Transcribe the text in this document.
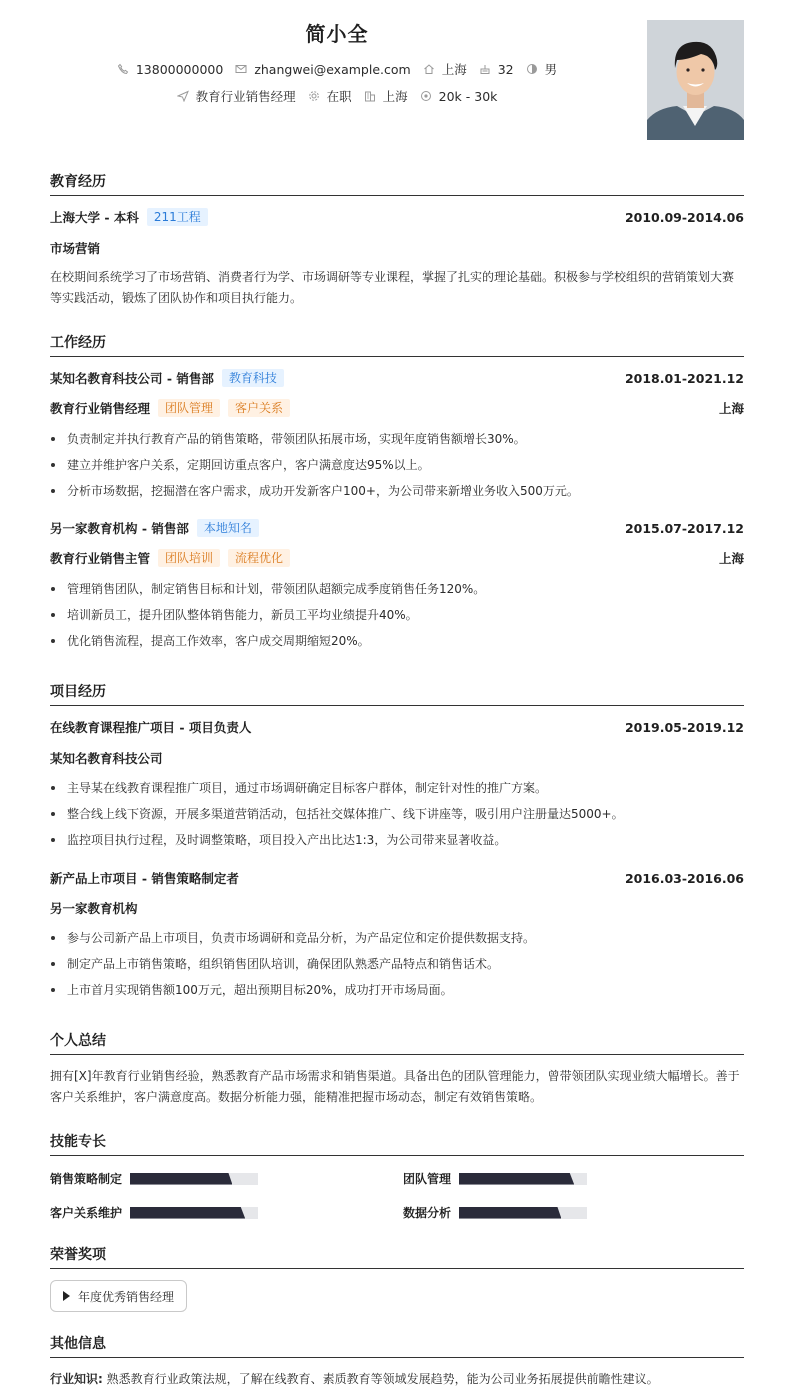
简小全
13800000000 zhangwei@example.com 上海 32 男
教育行业销售经理 在职 上海 20k - 30k
教育经历
上海大学 - 本科	211工程	2010.09-2014.06
市场营销
在校期间系统学习了市场营销、消费者行为学、市场调研等专业课程，掌握了扎实的理论基础。积极参与学校组织的营销策划大赛等实践活动，锻炼了团队协作和项目执行能力。
工作经历
某知名教育科技公司 - 销售部	教育科技	2018.01-2021.12
教育行业销售经理	团队管理	客户关系	上海
负责制定并执行教育产品的销售策略，带领团队拓展市场，实现年度销售额增长30%。
建立并维护客户关系，定期回访重点客户，客户满意度达95%以上。
分析市场数据，挖掘潜在客户需求，成功开发新客户100+，为公司带来新增业务收入500万元。
另一家教育机构 - 销售部	本地知名	2015.07-2017.12
教育行业销售主管	团队培训	流程优化	上海
管理销售团队，制定销售目标和计划，带领团队超额完成季度销售任务120%。
培训新员工，提升团队整体销售能力，新员工平均业绩提升40%。
优化销售流程，提高工作效率，客户成交周期缩短20%。
项目经历
在线教育课程推广项目 - 项目负责人	2019.05-2019.12
某知名教育科技公司
主导某在线教育课程推广项目，通过市场调研确定目标客户群体，制定针对性的推广方案。
整合线上线下资源，开展多渠道营销活动，包括社交媒体推广、线下讲座等，吸引用户注册量达5000+。
监控项目执行过程，及时调整策略，项目投入产出比达1:3，为公司带来显著收益。
新产品上市项目 - 销售策略制定者	2016.03-2016.06
另一家教育机构
参与公司新产品上市项目，负责市场调研和竞品分析，为产品定位和定价提供数据支持。
制定产品上市销售策略，组织销售团队培训，确保团队熟悉产品特点和销售话术。
上市首月实现销售额100万元，超出预期目标20%，成功打开市场局面。
个人总结
拥有[X]年教育行业销售经验，熟悉教育产品市场需求和销售渠道。具备出色的团队管理能力，曾带领团队实现业绩大幅增长。善于客户关系维护，客户满意度高。数据分析能力强，能精准把握市场动态，制定有效销售策略。
技能专长
销售策略制定	团队管理
客户关系维护	数据分析
荣誉奖项
年度优秀销售经理
其他信息
行业知识: 熟悉教育行业政策法规，了解在线教育、素质教育等领域发展趋势，能为公司业务拓展提供前瞻性建议。
